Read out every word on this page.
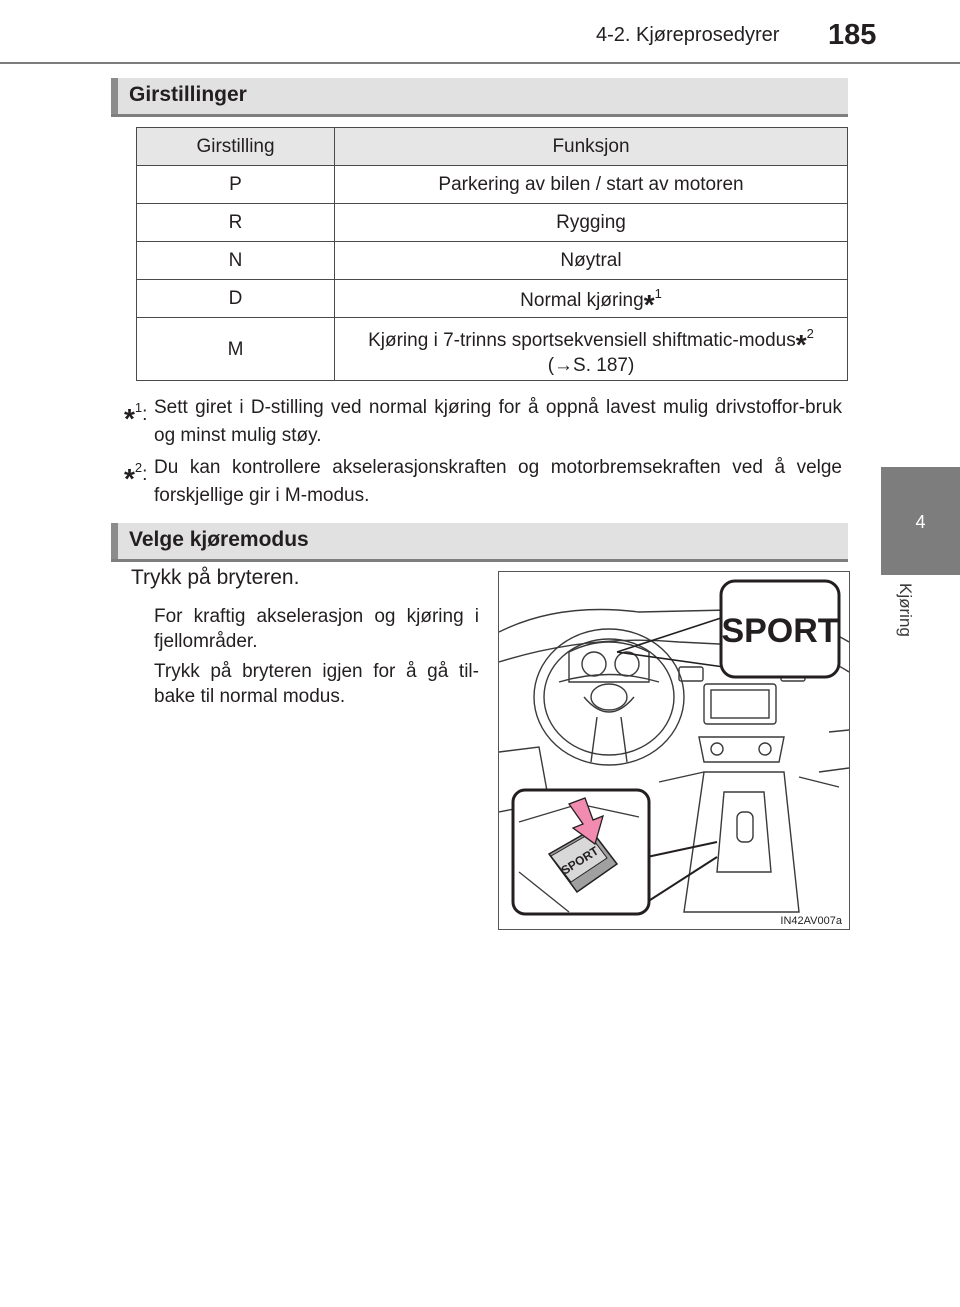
4-2. Kjøreprosedyrer 185
4
Kjøring
Girstillinger
Girstilling	Funksjon
P	Parkering av bilen / start av motoren
R	Rygging
N	Nøytral
D	Normal kjøring*$^1$
M	Kjøring i 7-trinns sportsekvensiell shiftmatic-modus*$^2$
(→S. 187)
*$^1$: Sett giret i D-stilling ved normal kjøring for å oppnå lavest mulig drivstoffor-bruk og minst mulig støy.
*$^2$: Du kan kontrollere akselerasjonskraften og motorbremsekraften ved å velge forskjellige gir i M-modus.
Velge kjøremodus
Trykk på bryteren.
For kraftig akselerasjon og kjøring i fjellområder.
Trykk på bryteren igjen for å gå til-bake til normal modus.
SPORT
SPORT
IN42AV007a
